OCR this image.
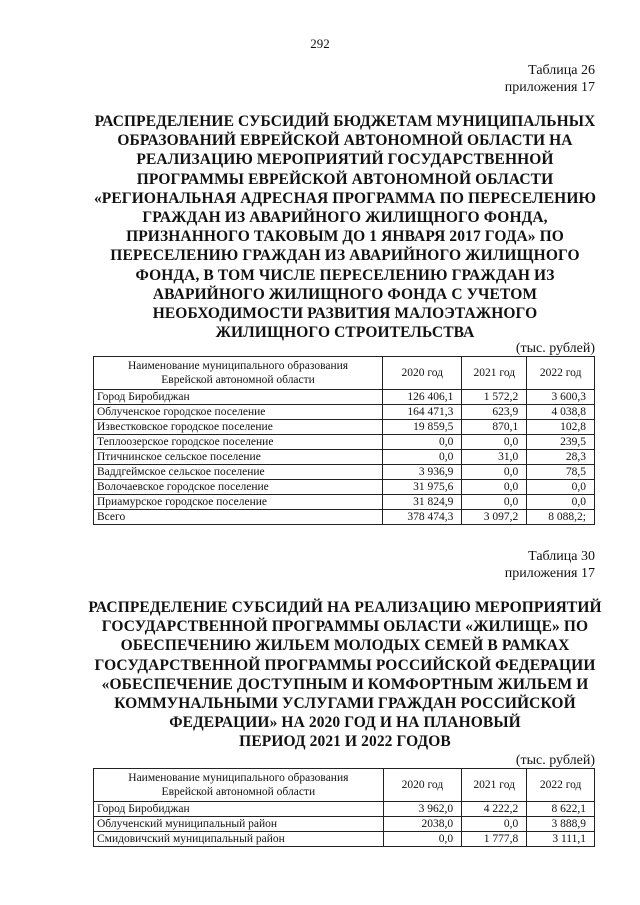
292
Таблица 26
приложения 17
РАСПРЕДЕЛЕНИЕ СУБСИДИЙ БЮДЖЕТАМ МУНИЦИПАЛЬНЫХ
ОБРАЗОВАНИЙ ЕВРЕЙСКОЙ АВТОНОМНОЙ ОБЛАСТИ НА
РЕАЛИЗАЦИЮ МЕРОПРИЯТИЙ ГОСУДАРСТВЕННОЙ
ПРОГРАММЫ ЕВРЕЙСКОЙ АВТОНОМНОЙ ОБЛАСТИ
«РЕГИОНАЛЬНАЯ АДРЕСНАЯ ПРОГРАММА ПО ПЕРЕСЕЛЕНИЮ
ГРАЖДАН ИЗ АВАРИЙНОГО ЖИЛИЩНОГО ФОНДА,
ПРИЗНАННОГО ТАКОВЫМ ДО 1 ЯНВАРЯ 2017 ГОДА» ПО
ПЕРЕСЕЛЕНИЮ ГРАЖДАН ИЗ АВАРИЙНОГО ЖИЛИЩНОГО
ФОНДА, В ТОМ ЧИСЛЕ ПЕРЕСЕЛЕНИЮ ГРАЖДАН ИЗ
АВАРИЙНОГО ЖИЛИЩНОГО ФОНДА С УЧЕТОМ
НЕОБХОДИМОСТИ РАЗВИТИЯ МАЛОЭТАЖНОГО
ЖИЛИЩНОГО СТРОИТЕЛЬСТВА
(тыс. рублей)
Наименование муниципального образования
Еврейской автономной области	2020 год	2021 год	2022 год
Город Биробиджан	126 406,1	1 572,2	3 600,3
Облученское городское поселение	164 471,3	623,9	4 038,8
Известковское городское поселение	19 859,5	870,1	102,8
Теплоозерское городское поселение	0,0	0,0	239,5
Птичнинское сельское поселение	0,0	31,0	28,3
Ваддгеймское сельское поселение	3 936,9	0,0	78,5
Волочаевское городское поселение	31 975,6	0,0	0,0
Приамурское городское поселение	31 824,9	0,0	0,0
Всего	378 474,3	3 097,2	8 088,2;
Таблица 30
приложения 17
РАСПРЕДЕЛЕНИЕ СУБСИДИЙ НА РЕАЛИЗАЦИЮ МЕРОПРИЯТИЙ
ГОСУДАРСТВЕННОЙ ПРОГРАММЫ ОБЛАСТИ «ЖИЛИЩЕ» ПО
ОБЕСПЕЧЕНИЮ ЖИЛЬЕМ МОЛОДЫХ СЕМЕЙ В РАМКАХ
ГОСУДАРСТВЕННОЙ ПРОГРАММЫ РОССИЙСКОЙ ФЕДЕРАЦИИ
«ОБЕСПЕЧЕНИЕ ДОСТУПНЫМ И КОМФОРТНЫМ ЖИЛЬЕМ И
КОММУНАЛЬНЫМИ УСЛУГАМИ ГРАЖДАН РОССИЙСКОЙ
ФЕДЕРАЦИИ» НА 2020 ГОД И НА ПЛАНОВЫЙ
ПЕРИОД 2021 И 2022 ГОДОВ
(тыс. рублей)
Наименование муниципального образования
Еврейской автономной области	2020 год	2021 год	2022 год
Город Биробиджан	3 962,0	4 222,2	8 622,1
Облученский муниципальный район	2038,0	0,0	3 888,9
Смидовичский муниципальный район	0,0	1 777,8	3 111,1
